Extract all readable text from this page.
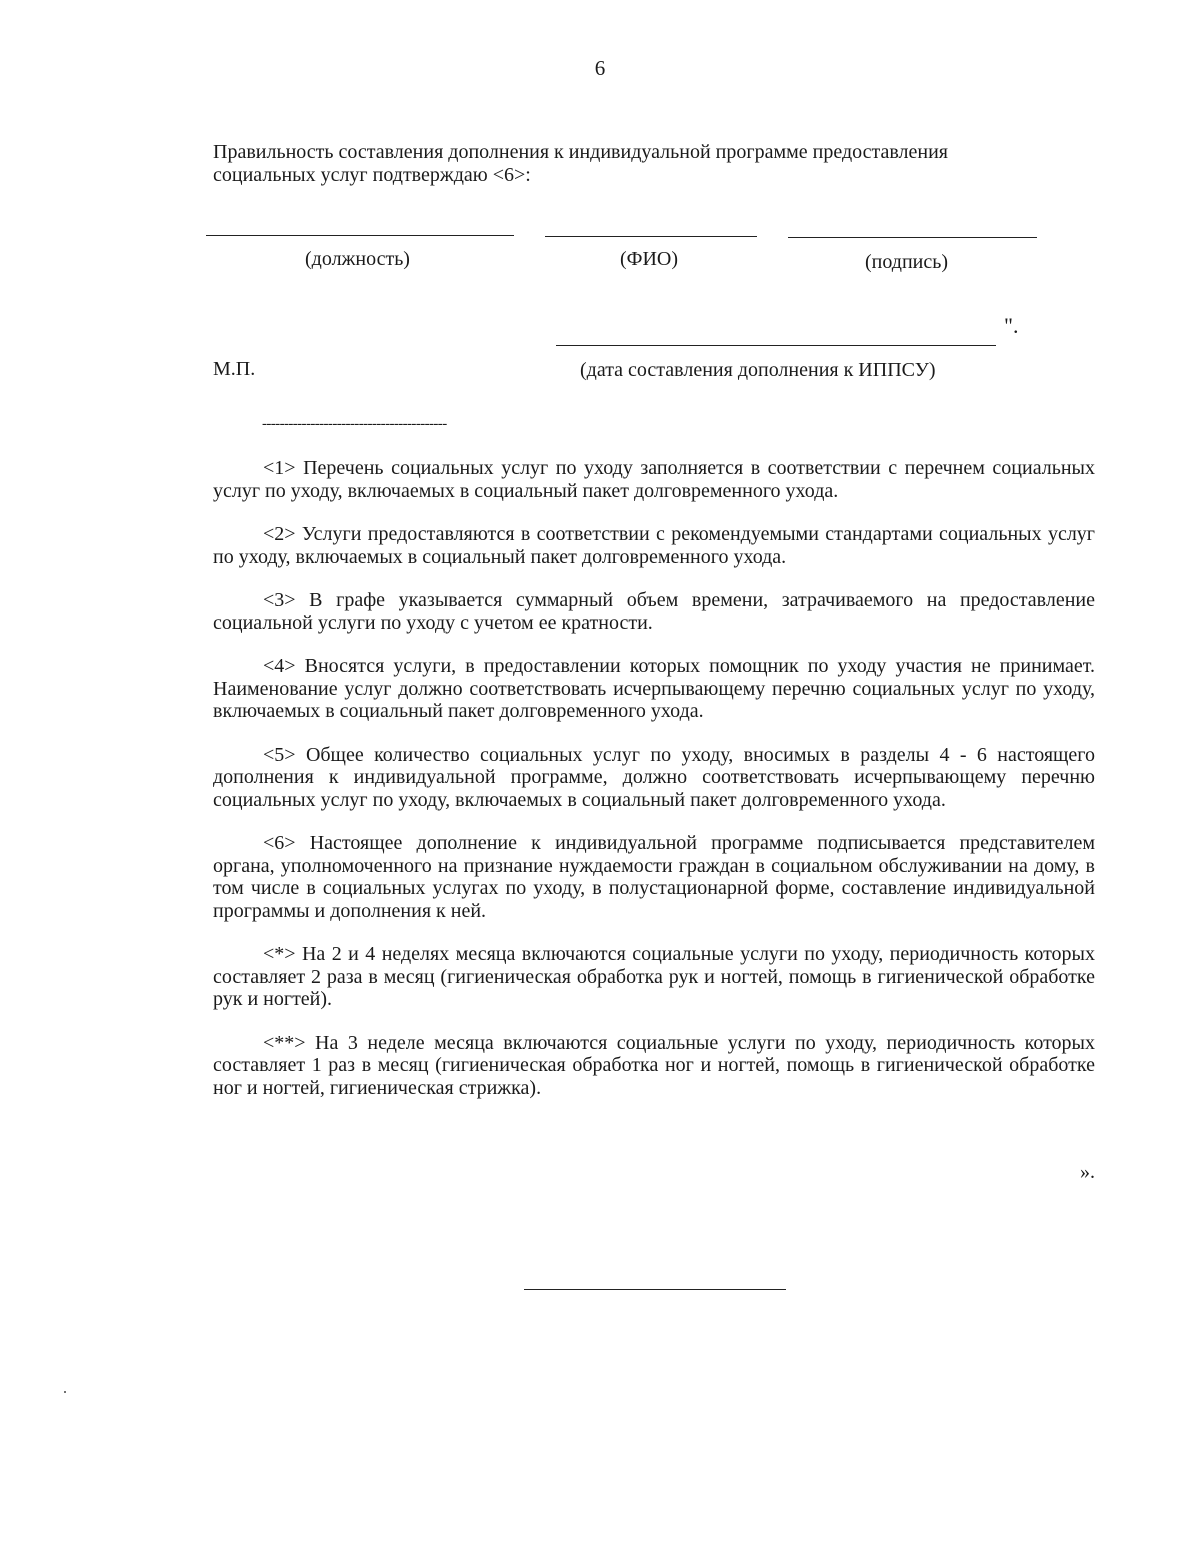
6

Правильность составления дополнения к индивидуальной программе предоставления социальных услуг подтверждаю <6>:

(должность)	(ФИО)	(подпись)
".
М.П.	(дата составления дополнения к ИППСУ)
------------------------------------------

<1> Перечень социальных услуг по уходу заполняется в соответствии с перечнем социальных услуг по уходу, включаемых в социальный пакет долговременного ухода.

<2> Услуги предоставляются в соответствии с рекомендуемыми стандартами социальных услуг по уходу, включаемых в социальный пакет долговременного ухода.

<3> В графе указывается суммарный объем времени, затрачиваемого на предоставление социальной услуги по уходу с учетом ее кратности.

<4> Вносятся услуги, в предоставлении которых помощник по уходу участия не принимает. Наименование услуг должно соответствовать исчерпывающему перечню социальных услуг по уходу, включаемых в социальный пакет долговременного ухода.

<5> Общее количество социальных услуг по уходу, вносимых в разделы 4 - 6 настоящего дополнения к индивидуальной программе, должно соответствовать исчерпывающему перечню социальных услуг по уходу, включаемых в социальный пакет долговременного ухода.

<6> Настоящее дополнение к индивидуальной программе подписывается представителем органа, уполномоченного на признание нуждаемости граждан в социальном обслуживании на дому, в том числе в социальных услугах по уходу, в полустационарной форме, составление индивидуальной программы и дополнения к ней.

<*> На 2 и 4 неделях месяца включаются социальные услуги по уходу, периодичность которых составляет 2 раза в месяц (гигиеническая обработка рук и ногтей, помощь в гигиенической обработке рук и ногтей).

<**> На 3 неделе месяца включаются социальные услуги по уходу, периодичность которых составляет 1 раз в месяц (гигиеническая обработка ног и ногтей, помощь в гигиенической обработке ног и ногтей, гигиеническая стрижка).

».
